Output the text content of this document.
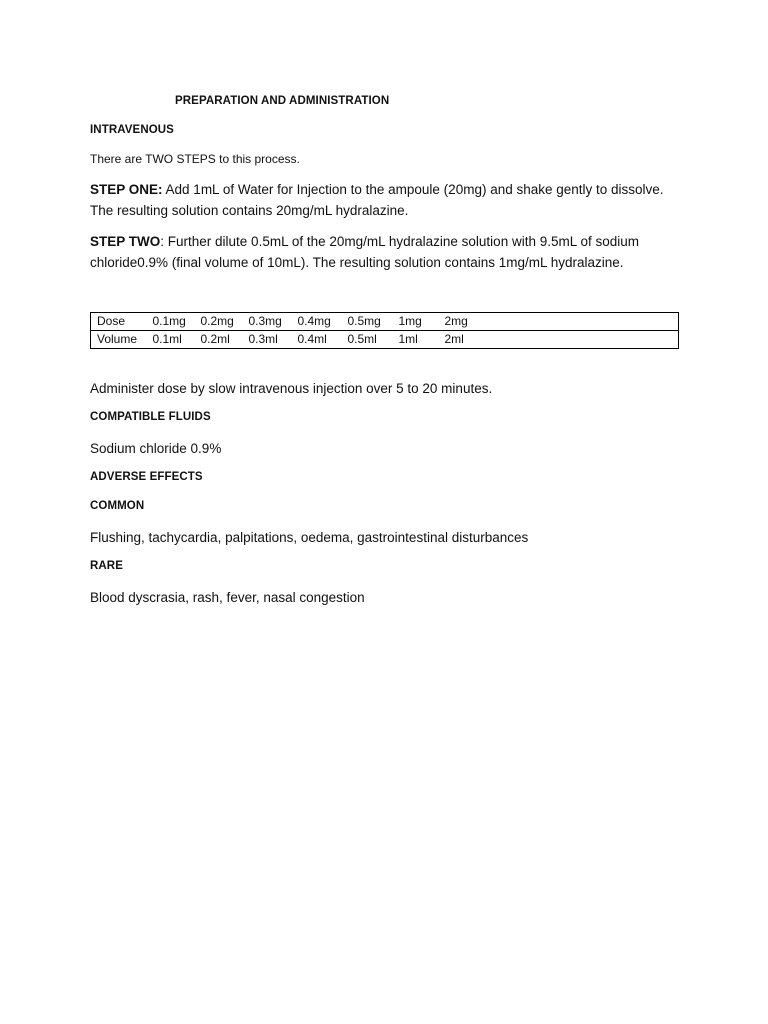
PREPARATION AND ADMINISTRATION
INTRAVENOUS
There are TWO STEPS to this process.
STEP ONE: Add 1mL of Water for Injection to the ampoule (20mg) and shake gently to dissolve.
The resulting solution contains 20mg/mL hydralazine.
STEP TWO: Further dilute 0.5mL of the 20mg/mL hydralazine solution with 9.5mL of sodium
chloride0.9% (final volume of 10mL). The resulting solution contains 1mg/mL hydralazine.
Dose	0.1mg	0.2mg	0.3mg	0.4mg	0.5mg	1mg	2mg
Volume	0.1ml	0.2ml	0.3ml	0.4ml	0.5ml	1ml	2ml
Administer dose by slow intravenous injection over 5 to 20 minutes.
COMPATIBLE FLUIDS
Sodium chloride 0.9%
ADVERSE EFFECTS
COMMON
Flushing, tachycardia, palpitations, oedema, gastrointestinal disturbances
RARE
Blood dyscrasia, rash, fever, nasal congestion
